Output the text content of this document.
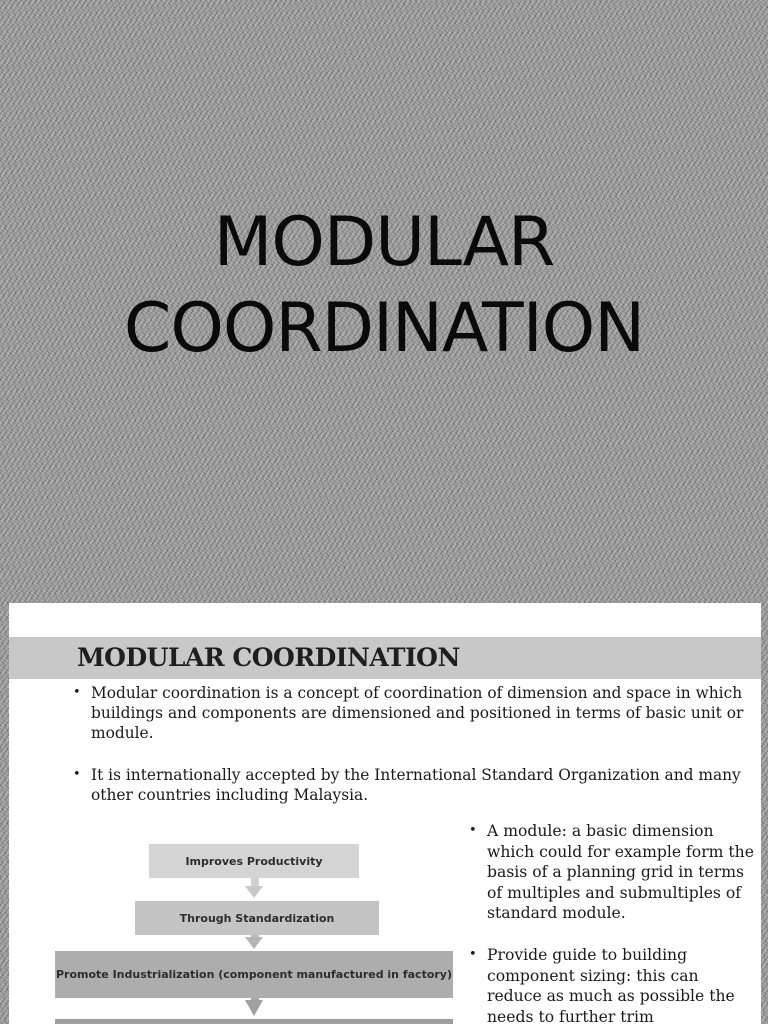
MODULAR
COORDINATION
MODULAR COORDINATION
• Modular coordination is a concept of coordination of dimension and space in which buildings and components are dimensioned and positioned in terms of basic unit or module.
• It is internationally accepted by the International Standard Organization and many other countries including Malaysia.
• A module: a basic dimension which could for example form the basis of a planning grid in terms of multiples and submultiples of standard module.
• Provide guide to building component sizing: this can reduce as much as possible the needs to further trim
Improves Productivity
Through Standardization
Promote Industrialization (component manufactured in factory)
